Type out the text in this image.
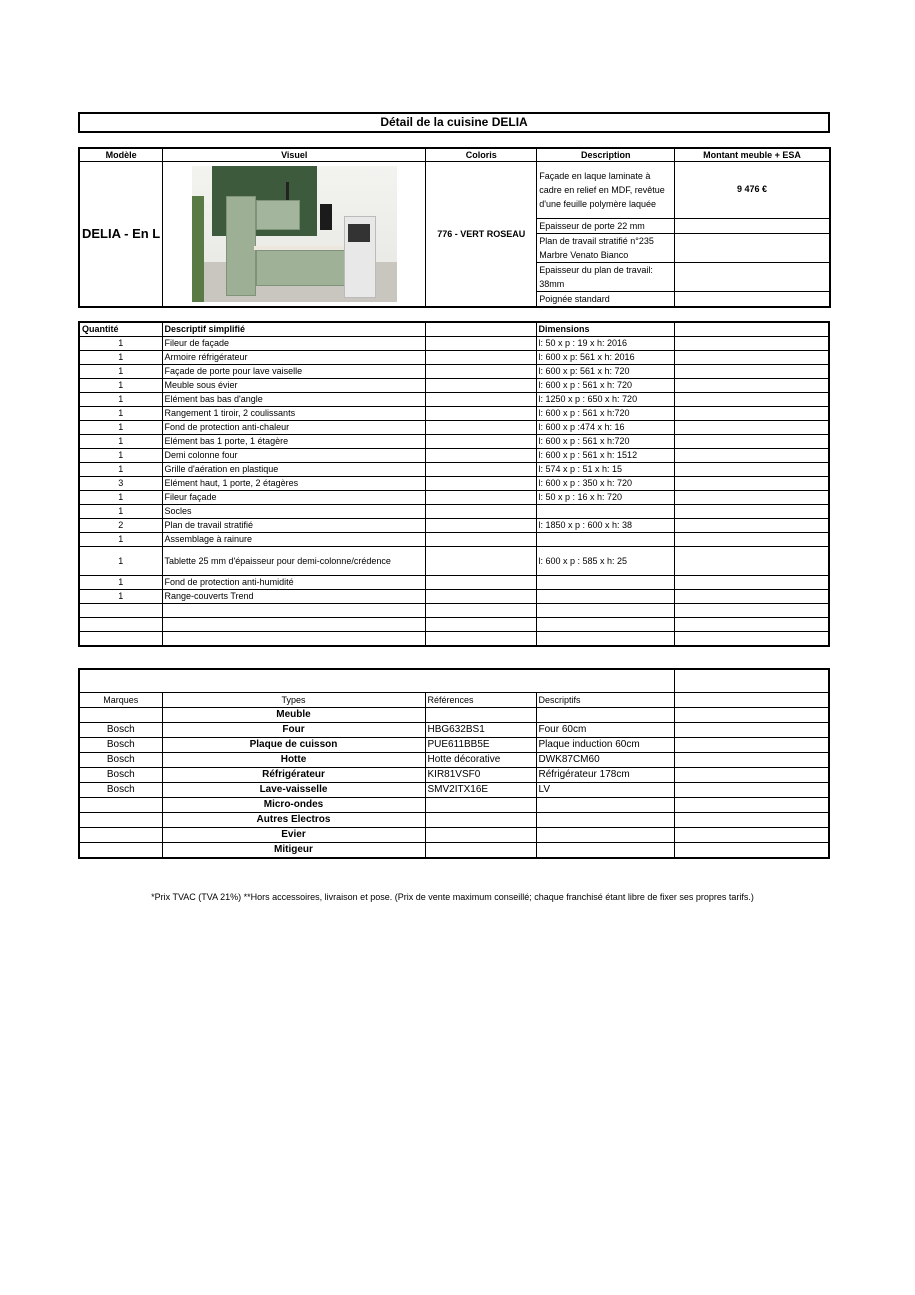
Détail de la cuisine DELIA
Modèle	Visuel	Coloris	Description	Montant meuble + ESA
DELIA - En L		776 - VERT ROSEAU	Façade en laque laminate à cadre en relief en MDF, revêtue d'une feuille polymère laquée	9 476 €
			Epaisseur de porte 22 mm	
			Plan de travail stratifié n°235 Marbre Venato Bianco	
			Epaisseur du plan de travail: 38mm	
			Poignée standard	
Quantité	Descriptif simplifié		Dimensions	
1	Fileur de façade		l: 50 x p : 19 x h: 2016	
1	Armoire réfrigérateur		l: 600 x p: 561 x h: 2016	
1	Façade de porte pour lave vaiselle		l: 600 x p: 561 x h: 720	
1	Meuble sous évier		l: 600 x p : 561 x h: 720	
1	Elément bas bas d'angle		l: 1250 x p : 650 x h: 720	
1	Rangement 1 tiroir, 2 coulissants		l: 600 x p : 561 x h:720	
1	Fond de protection anti-chaleur		l: 600 x p :474 x h: 16	
1	Elément bas 1 porte, 1 étagère		l: 600 x p : 561 x h:720	
1	Demi colonne four		l: 600 x p : 561 x h: 1512	
1	Grille d'aération en plastique		l: 574 x p : 51 x h: 15	
3	Elément haut, 1 porte, 2 étagères		l: 600 x p : 350 x h: 720	
1	Fileur façade		l: 50 x p : 16 x h: 720	
1	Socles			
2	Plan de travail stratifié		l: 1850 x p : 600 x h: 38	
1	Assemblage à rainure			
1	Tablette 25 mm d'épaisseur pour demi-colonne/crédence		l: 600 x p : 585 x h: 25	
1	Fond de protection anti-humidité			
1	Range-couverts Trend			

Marques	Types	Références	Descriptifs	
	Meuble			
Bosch	Four	HBG632BS1	Four 60cm	
Bosch	Plaque de cuisson	PUE611BB5E	Plaque induction 60cm	
Bosch	Hotte	Hotte décorative	DWK87CM60	
Bosch	Réfrigérateur	KIR81VSF0	Réfrigérateur 178cm	
Bosch	Lave-vaisselle	SMV2ITX16E	LV	
	Micro-ondes			
	Autres Electros			
	Evier			
	Mitigeur			
*Prix TVAC (TVA 21%) **Hors accessoires, livraison et pose. (Prix de vente maximum conseillé; chaque franchisé étant libre de fixer ses propres tarifs.)
